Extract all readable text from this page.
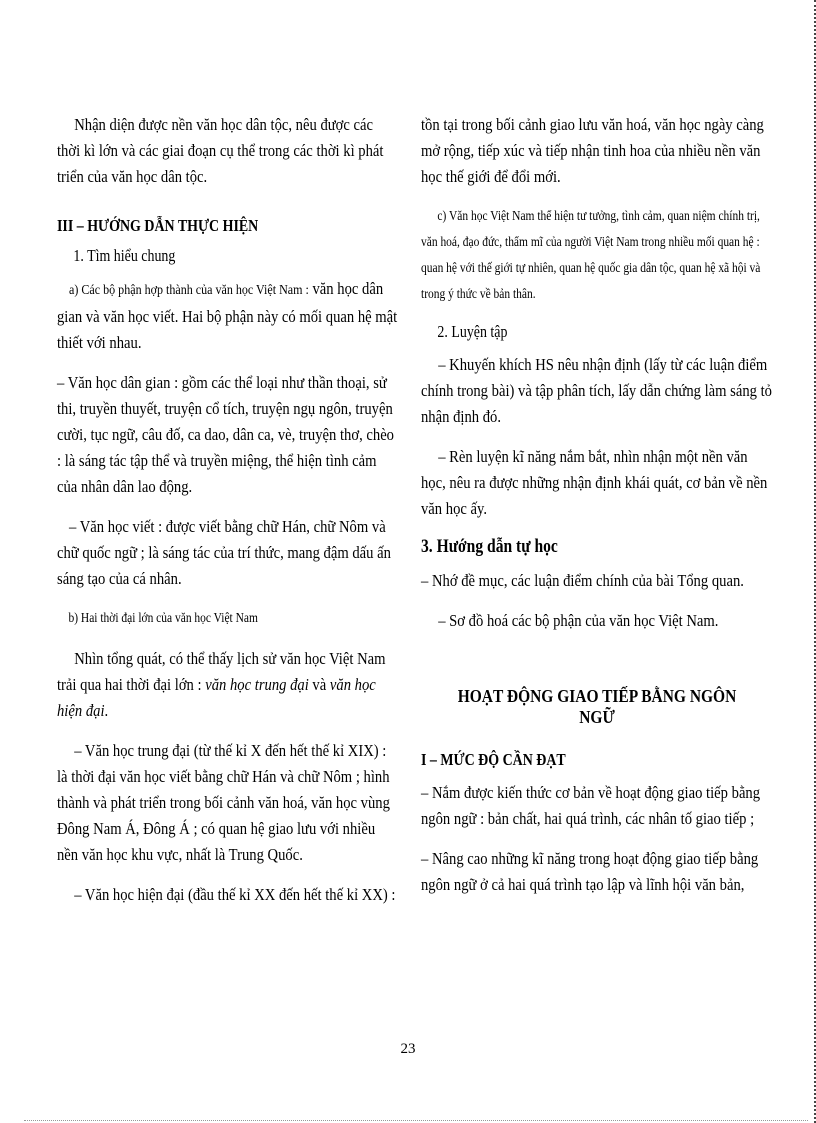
Nhận diện được nền văn học dân tộc, nêu được các thời kì lớn và các giai đoạn cụ thể trong các thời kì phát triển của văn học dân tộc.

III – HƯỚNG DẪN THỰC HIỆN
1. Tìm hiểu chung

a) Các bộ phận hợp thành của văn học Việt Nam : văn học dân gian và văn học viết. Hai bộ phận này có mối quan hệ mật thiết với nhau.

– Văn học dân gian : gồm các thể loại như thần thoại, sử thi, truyền thuyết, truyện cổ tích, truyện ngụ ngôn, truyện cười, tục ngữ, câu đố, ca dao, dân ca, vè, truyện thơ, chèo : là sáng tác tập thể và truyền miệng, thể hiện tình cảm của nhân dân lao động.

– Văn học viết : được viết bằng chữ Hán, chữ Nôm và chữ quốc ngữ ; là sáng tác của trí thức, mang đậm dấu ấn sáng tạo của cá nhân.

b) Hai thời đại lớn của văn học Việt Nam

Nhìn tổng quát, có thể thấy lịch sử văn học Việt Nam trải qua hai thời đại lớn : văn học trung đại và văn học hiện đại.

– Văn học trung đại (từ thế kỉ X đến hết thế kỉ XIX) : là thời đại văn học viết bằng chữ Hán và chữ Nôm ; hình thành và phát triển trong bối cảnh văn hoá, văn học vùng Đông Nam Á, Đông Á ; có quan hệ giao lưu với nhiều nền văn học khu vực, nhất là Trung Quốc.

– Văn học hiện đại (đầu thế kỉ XX đến hết thế kỉ XX) :

tồn tại trong bối cảnh giao lưu văn hoá, văn học ngày càng mở rộng, tiếp xúc và tiếp nhận tinh hoa của nhiều nền văn học thế giới để đổi mới.

c) Văn học Việt Nam thể hiện tư tưởng, tình cảm, quan niệm chính trị, văn hoá, đạo đức, thẩm mĩ của người Việt Nam trong nhiều mối quan hệ : quan hệ với thế giới tự nhiên, quan hệ quốc gia dân tộc, quan hệ xã hội và trong ý thức về bản thân.

2. Luyện tập

– Khuyến khích HS nêu nhận định (lấy từ các luận điểm chính trong bài) và tập phân tích, lấy dẫn chứng làm sáng tỏ nhận định đó.

– Rèn luyện kĩ năng nắm bắt, nhìn nhận một nền văn học, nêu ra được những nhận định khái quát, cơ bản về nền văn học ấy.

3. Hướng dẫn tự học

– Nhớ đề mục, các luận điểm chính của bài Tổng quan.

– Sơ đồ hoá các bộ phận của văn học Việt Nam.

HOẠT ĐỘNG GIAO TIẾP BẰNG NGÔN NGỮ
I – MỨC ĐỘ CẦN ĐẠT

– Nắm được kiến thức cơ bản về hoạt động giao tiếp bằng ngôn ngữ : bản chất, hai quá trình, các nhân tố giao tiếp ;

– Nâng cao những kĩ năng trong hoạt động giao tiếp bằng ngôn ngữ ở cả hai quá trình tạo lập và lĩnh hội văn bản,

23
